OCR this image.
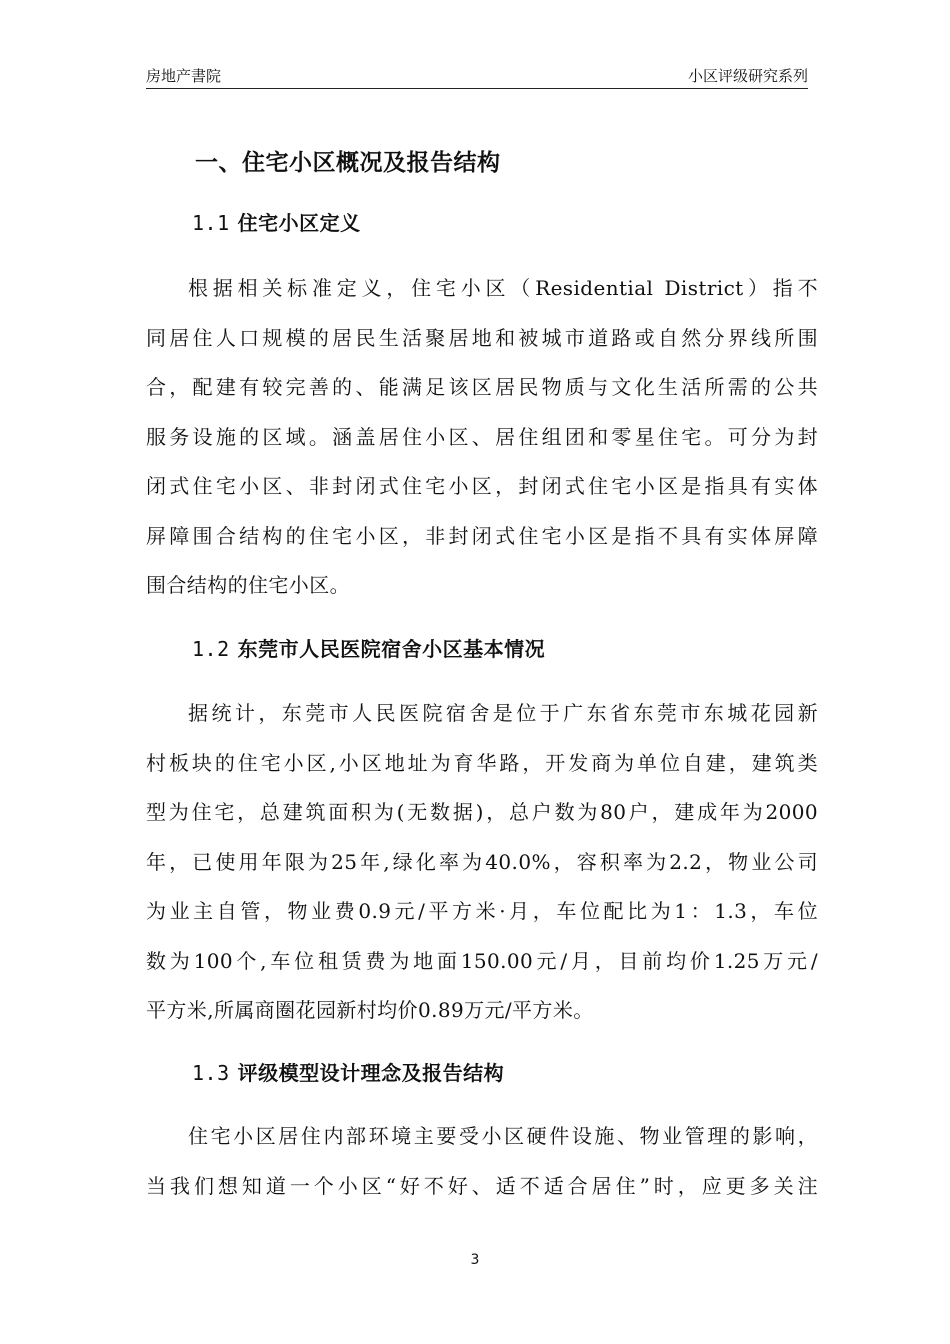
房地产書院	小区评级研究系列
一、住宅小区概况及报告结构
1.1 住宅小区定义
根据相关标准定义，住宅小区（Residential District）指不
同居住人口规模的居民生活聚居地和被城市道路或自然分界线所围
合，配建有较完善的、能满足该区居民物质与文化生活所需的公共
服务设施的区域。涵盖居住小区、居住组团和零星住宅。可分为封
闭式住宅小区、非封闭式住宅小区，封闭式住宅小区是指具有实体
屏障围合结构的住宅小区，非封闭式住宅小区是指不具有实体屏障
围合结构的住宅小区。
1.2 东莞市人民医院宿舍小区基本情况
据统计，东莞市人民医院宿舍是位于广东省东莞市东城花园新
村板块的住宅小区,小区地址为育华路，开发商为单位自建，建筑类
型为住宅，总建筑面积为(无数据)，总户数为80户，建成年为2000
年，已使用年限为25年,绿化率为40.0%，容积率为2.2，物业公司
为业主自管，物业费0.9元/平方米·月，车位配比为1：1.3，车位
数为100个,车位租赁费为地面150.00元/月，目前均价1.25万元/
平方米,所属商圈花园新村均价0.89万元/平方米。
1.3 评级模型设计理念及报告结构
住宅小区居住内部环境主要受小区硬件设施、物业管理的影响，
当我们想知道一个小区“好不好、适不适合居住”时，应更多关注
3
